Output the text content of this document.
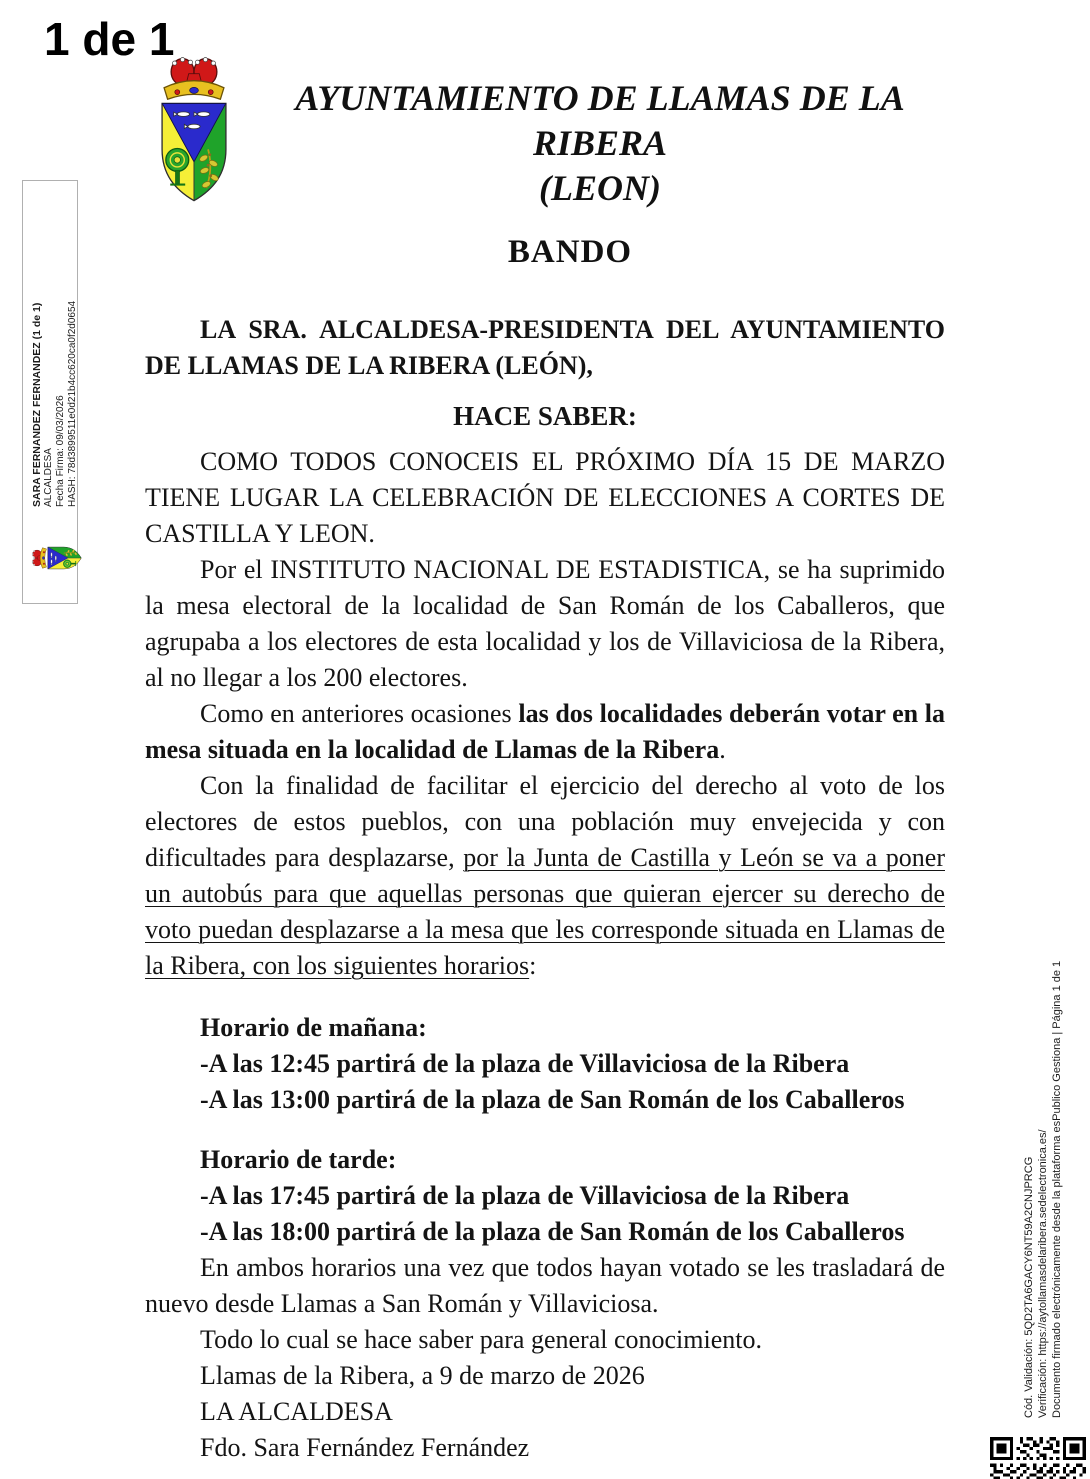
1 de 1
AYUNTAMIENTO DE LLAMAS DE LA
RIBERA
(LEON)
BANDO

LA SRA. ALCALDESA-PRESIDENTA DEL AYUNTAMIENTO DE LLAMAS DE LA RIBERA (LEÓN),

HACE SABER:

COMO TODOS CONOCEIS EL PRÓXIMO DÍA 15 DE MARZO TIENE LUGAR LA CELEBRACIÓN DE ELECCIONES A CORTES DE CASTILLA Y LEON.

Por el INSTITUTO NACIONAL DE ESTADISTICA, se ha suprimido la mesa electoral de la localidad de San Román de los Caballeros, que agrupaba a los electores de esta localidad y los de Villaviciosa de la Ribera, al no llegar a los 200 electores.

Como en anteriores ocasiones las dos localidades deberán votar en la mesa situada en la localidad de Llamas de la Ribera.

Con la finalidad de facilitar el ejercicio del derecho al voto de los electores de estos pueblos, con una población muy envejecida y con dificultades para desplazarse, por la Junta de Castilla y León se va a poner un autobús para que aquellas personas que quieran ejercer su derecho de voto puedan desplazarse a la mesa que les corresponde situada en Llamas de la Ribera, con los siguientes horarios:

Horario de mañana:
-A las 12:45 partirá de la plaza de Villaviciosa de la Ribera
-A las 13:00 partirá de la plaza de San Román de los Caballeros
Horario de tarde:
-A las 17:45 partirá de la plaza de Villaviciosa de la Ribera
-A las 18:00 partirá de la plaza de San Román de los Caballeros

En ambos horarios una vez que todos hayan votado se les trasladará de nuevo desde Llamas a San Román y Villaviciosa.

Todo lo cual se hace saber para general conocimiento.

Llamas de la Ribera, a 9 de marzo de 2026

LA ALCALDESA

Fdo. Sara Fernández Fernández

SARA FERNANDEZ FERNANDEZ (1 de 1) ALCALDESA Fecha Firma: 09/03/2026 HASH: 78d3899511e0d21b4cc620ca0f2d0654
Cód. Validación: 5QD2TA6GACY6NT59A2CNJPRCG Verificación: https://aytollamasdelaribera.sedelectronica.es/ Documento firmado electrónicamente desde la plataforma esPublico Gestiona | Página 1 de 1
